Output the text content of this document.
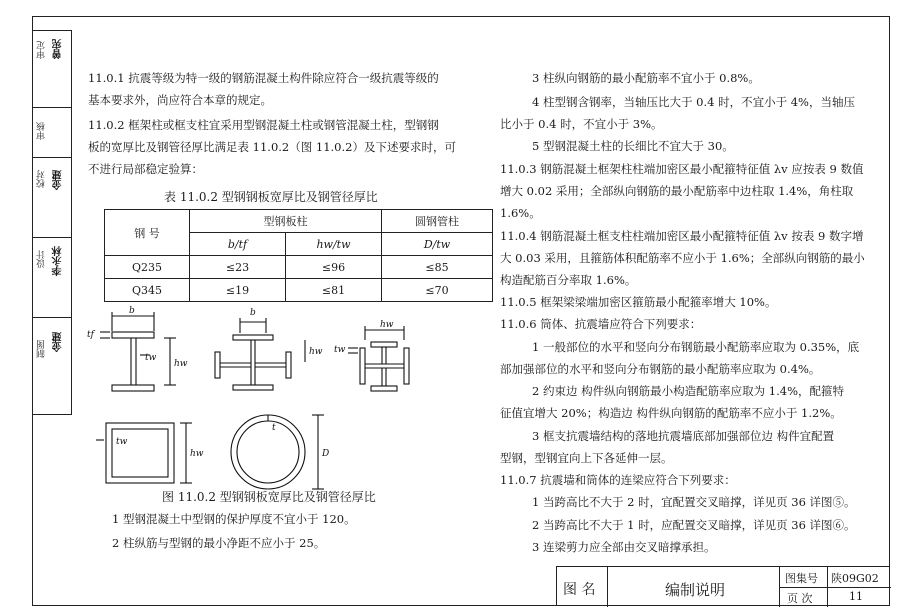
审定 曾宪
审核
校对 金建
设计 李永林
制图 金建
11.0.1 抗震等级为特一级的钢筋混凝土构件除应符合一级抗震等级的
基本要求外，尚应符合本章的规定。
11.0.2 框架柱或框支柱宜采用型钢混凝土柱或钢管混凝土柱，型钢钢
板的宽厚比及钢管径厚比满足表 11.0.2（图 11.0.2）及下述要求时，可
不进行局部稳定验算：
表 11.0.2 型钢钢板宽厚比及钢管径厚比
钢 号	型钢板柱		圆钢管柱
	b/tf	hw/tw	D/tw
Q235	≤23	≤96	≤85
Q345	≤19	≤81	≤70
b
tw
hw
tf
b
hw
hw
tw
tw
hw	D
t
图 11.0.2 型钢钢板宽厚比及钢管径厚比
1 型钢混凝土中型钢的保护厚度不宜小于 120。
2 柱纵筋与型钢的最小净距不应小于 25。
3 柱纵向钢筋的最小配筋率不宜小于 0.8%。
4 柱型钢含钢率，当轴压比大于 0.4 时，不宜小于 4%，当轴压
比小于 0.4 时，不宜小于 3%。
5 型钢混凝土柱的长细比不宜大于 30。
11.0.3 钢筋混凝土框架柱柱端加密区最小配箍特征值 λv 应按表 9 数值
增大 0.02 采用；全部纵向钢筋的最小配筋率中边柱取 1.4%，角柱取
1.6%。
11.0.4 钢筋混凝土框支柱柱端加密区最小配箍特征值 λv 按表 9 数字增
大 0.03 采用，且箍筋体积配筋率不应小于 1.6%；全部纵向钢筋的最小
构造配筋百分率取 1.6%。
11.0.5 框架梁梁端加密区箍筋最小配箍率增大 10%。
11.0.6 筒体、抗震墙应符合下列要求：
1 一般部位的水平和竖向分布钢筋最小配筋率应取为 0.35%，底
部加强部位的水平和竖向分布钢筋的最小配筋率应取为 0.4%。
2 约束边 构件纵向钢筋最小构造配筋率应取为 1.4%，配箍特
征值宜增大 20%；构造边 构件纵向钢筋的配筋率不应小于 1.2%。
3 框支抗震墙结构的落地抗震墙底部加强部位边 构件宜配置
型钢，型钢宜向上下各延伸一层。
11.0.7 抗震墙和筒体的连梁应符合下列要求：
1 当跨高比不大于 2 时，宜配置交叉暗撑，详见页 36 详图⑤。
2 当跨高比不大于 1 时，应配置交叉暗撑，详见页 36 详图⑥。
3 连梁剪力应全部由交叉暗撑承担。
图 名	编制说明
图集号 陕09G02
页 次	11
